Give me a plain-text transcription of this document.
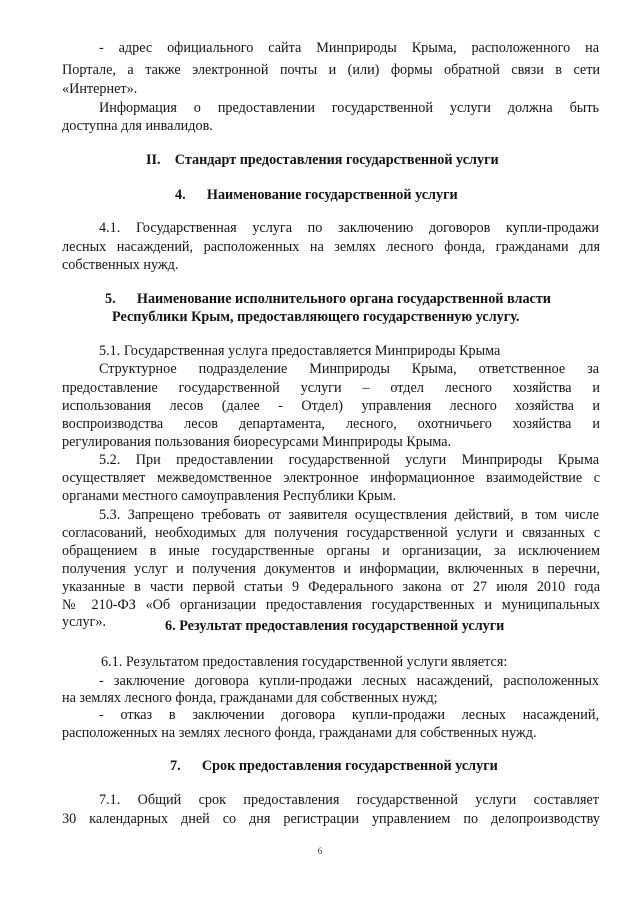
- адрес официального сайта Минприроды Крыма, расположенного на
Портале, а также электронной почты и (или) формы обратной связи в сети
«Интернет».
Информация о предоставлении государственной услуги должна быть
доступна для инвалидов.
II.    Стандарт предоставления государственной услуги
4.      Наименование государственной услуги
4.1. Государственная услуга по заключению договоров купли-продажи
лесных насаждений, расположенных на землях лесного фонда, гражданами для
собственных нужд.
5.      Наименование исполнительного органа государственной власти
Республики Крым, предоставляющего государственную услугу.
5.1. Государственная услуга предоставляется Минприроды Крыма
Структурное подразделение Минприроды Крыма, ответственное за
предоставление государственной услуги – отдел лесного хозяйства и
использования лесов (далее - Отдел) управления лесного хозяйства и
воспроизводства лесов департамента, лесного, охотничьего хозяйства и
регулирования пользования биоресурсами Минприроды Крыма.
5.2. При предоставлении государственной услуги Минприроды Крыма
осуществляет межведомственное электронное информационное взаимодействие с
органами местного самоуправления Республики Крым.
5.3. Запрещено требовать от заявителя осуществления действий, в том числе
согласований, необходимых для получения государственной услуги и связанных с
обращением в иные государственные органы и организации, за исключением
получения услуг и получения документов и информации, включенных в перечни,
указанные в части первой статьи 9 Федерального закона от 27 июля 2010 года
№ 210-ФЗ «Об организации предоставления государственных и муниципальных
услуг».	6. Результат предоставления государственной услуги
6.1. Результатом предоставления государственной услуги является:
- заключение договора купли-продажи лесных насаждений, расположенных
на землях лесного фонда, гражданами для собственных нужд;
- отказ в заключении договора купли-продажи лесных насаждений,
расположенных на землях лесного фонда, гражданами для собственных нужд.
7.      Срок предоставления государственной услуги
7.1. Общий срок предоставления государственной услуги составляет
30 календарных дней со дня регистрации управлением по делопроизводству
6
